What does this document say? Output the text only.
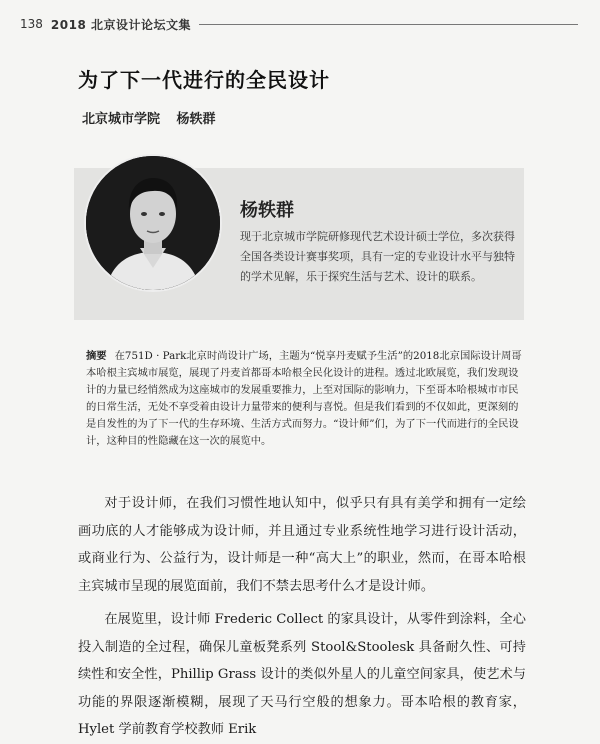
138 2018 北京设计论坛文集
为了下一代进行的全民设计
北京城市学院 杨轶群
杨轶群
现于北京城市学院研修现代艺术设计硕士学位，多次获得全国各类设计赛事奖项，具有一定的专业设计水平与独特的学术见解，乐于探究生活与艺术、设计的联系。
摘要 在751D · Park北京时尚设计广场，主题为“悦享丹麦赋予生活”的2018北京国际设计周哥本哈根主宾城市展览，展现了丹麦首都哥本哈根全民化设计的进程。透过北欧展览，我们发现设计的力量已经悄然成为这座城市的发展重要推力，上至对国际的影响力，下至哥本哈根城市市民的日常生活，无处不享受着由设计力量带来的便利与喜悦。但是我们看到的不仅如此，更深刻的是自发性的为了下一代的生存环境、生活方式而努力。“设计师”们，为了下一代而进行的全民设计，这种目的性隐藏在这一次的展览中。

对于设计师，在我们习惯性地认知中，似乎只有具有美学和拥有一定绘画功底的人才能够成为设计师，并且通过专业系统性地学习进行设计活动，或商业行为、公益行为，设计师是一种“高大上”的职业，然而，在哥本哈根主宾城市呈现的展览面前，我们不禁去思考什么才是设计师。

在展览里，设计师 Frederic Collect 的家具设计，从零件到涂料，全心投入制造的全过程，确保儿童板凳系列 Stool&Stoolesk 具备耐久性、可持续性和安全性，Phillip Grass 设计的类似外星人的儿童空间家具，使艺术与功能的界限逐渐模糊，展现了天马行空般的想象力。哥本哈根的教育家，Hylet 学前教育学校教师 Erik
